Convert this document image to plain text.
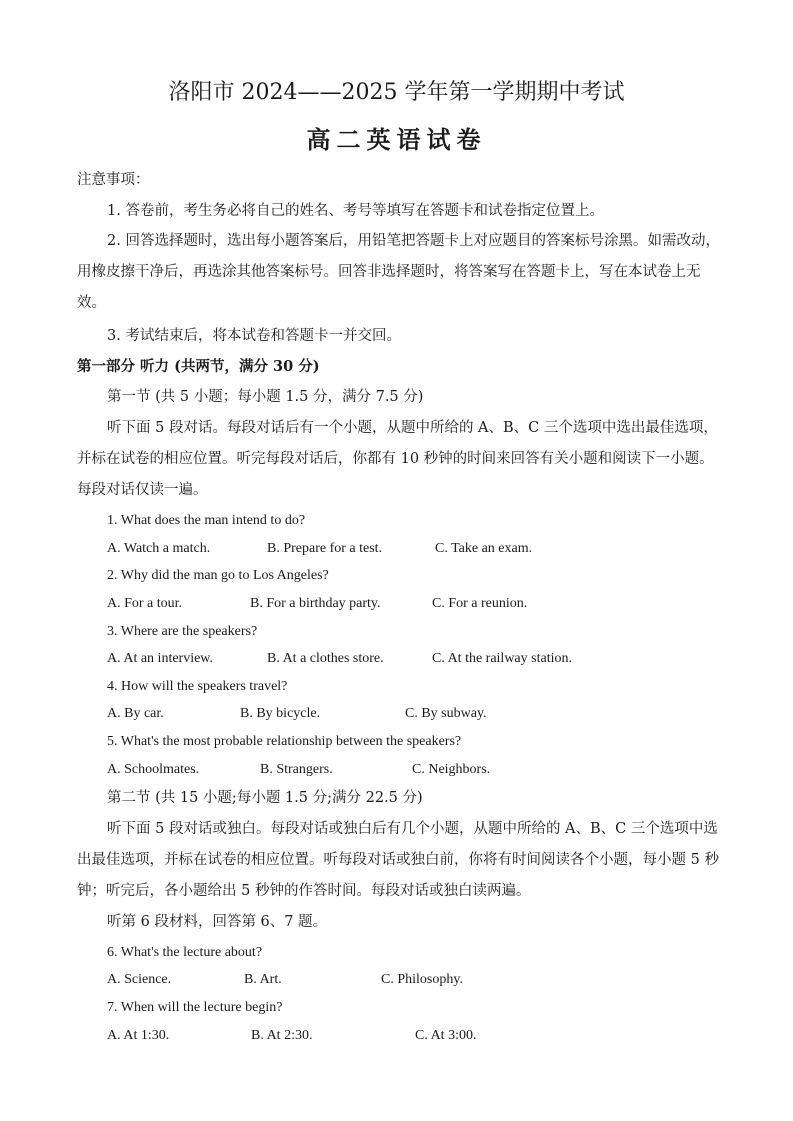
洛阳市 2024——2025 学年第一学期期中考试
高二英语试卷
注意事项：
1. 答卷前，考生务必将自己的姓名、考号等填写在答题卡和试卷指定位置上。
2. 回答选择题时，选出每小题答案后，用铅笔把答题卡上对应题目的答案标号涂黑。如需改动，用橡皮擦干净后，再选涂其他答案标号。回答非选择题时，将答案写在答题卡上，写在本试卷上无效。
3. 考试结束后，将本试卷和答题卡一并交回。
第一部分 听力 (共两节，满分 30 分)
第一节 (共 5 小题；每小题 1.5 分，满分 7.5 分)
听下面 5 段对话。每段对话后有一个小题，从题中所给的 A、B、C 三个选项中选出最佳选项，并标在试卷的相应位置。听完每段对话后，你都有 10 秒钟的时间来回答有关小题和阅读下一小题。每段对话仅读一遍。
1. What does the man intend to do?
A. Watch a match.	B. Prepare for a test.	C. Take an exam.
2. Why did the man go to Los Angeles?
A. For a tour.	B. For a birthday party.	C. For a reunion.
3. Where are the speakers?
A. At an interview.	B. At a clothes store.	C. At the railway station.
4. How will the speakers travel?
A. By car.	B. By bicycle.	C. By subway.
5. What's the most probable relationship between the speakers?
A. Schoolmates.	B. Strangers.	C. Neighbors.
第二节 (共 15 小题;每小题 1.5 分;满分 22.5 分)
听下面 5 段对话或独白。每段对话或独白后有几个小题，从题中所给的 A、B、C 三个选项中选出最佳选项，并标在试卷的相应位置。听每段对话或独白前，你将有时间阅读各个小题，每小题 5 秒钟；听完后，各小题给出 5 秒钟的作答时间。每段对话或独白读两遍。
听第 6 段材料，回答第 6、7 题。
6. What's the lecture about?
A. Science.	B. Art.	C. Philosophy.
7. When will the lecture begin?
A. At 1:30.	B. At 2:30.	C. At 3:00.
